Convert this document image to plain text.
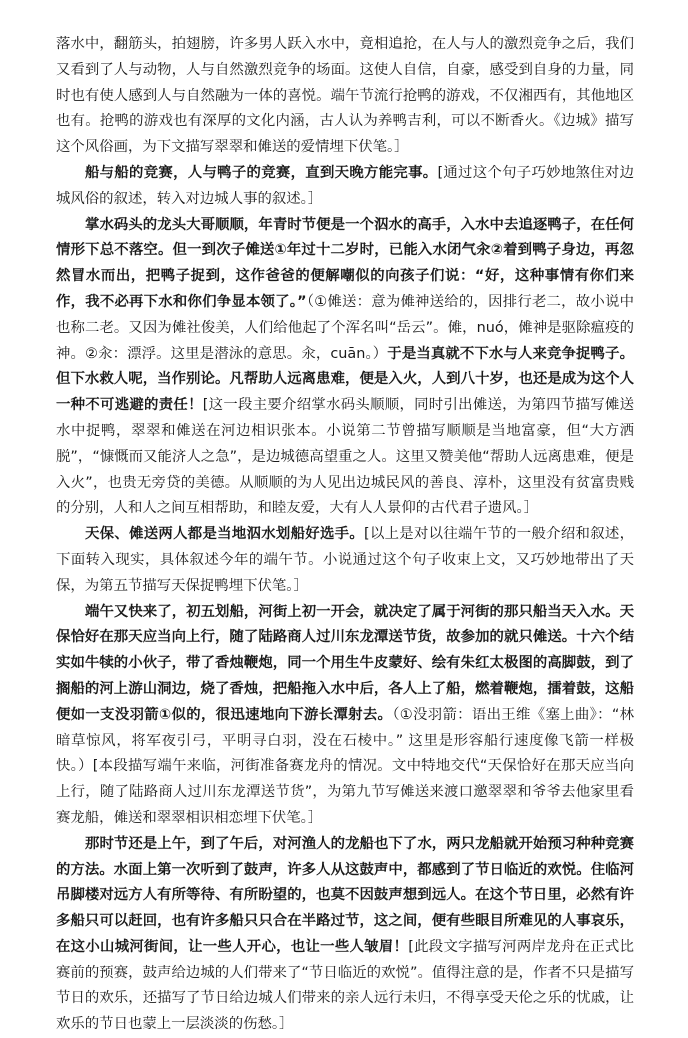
落水中，翻筋头，拍翅膀，许多男人跃入水中，竟相追抢，在人与人的激烈竞争之后，我们又看到了人与动物，人与自然激烈竞争的场面。这使人自信，自豪，感受到自身的力量，同时也有使人感到人与自然融为一体的喜悦。端午节流行抢鸭的游戏，不仅湘西有，其他地区也有。抢鸭的游戏也有深厚的文化内涵，古人认为养鸭吉利，可以不断香火。《边城》描写这个风俗画，为下文描写翠翠和傩送的爱情埋下伏笔。］

船与船的竞赛，人与鸭子的竞赛，直到天晚方能完事。[通过这个句子巧妙地煞住对边城风俗的叙述，转入对边城人事的叙述。］

掌水码头的龙头大哥顺顺，年青时节便是一个泅水的高手，入水中去追逐鸭子，在任何情形下总不落空。但一到次子傩送①年过十二岁时，已能入水闭气汆②着到鸭子身边，再忽然冒水而出，把鸭子捉到，这作爸爸的便解嘲似的向孩子们说：“好，这种事情有你们来作，我不必再下水和你们争显本领了。”（①傩送：意为傩神送给的，因排行老二，故小说中也称二老。又因为傩社俊美，人们给他起了个浑名叫“岳云”。傩，nuó，傩神是驱除瘟疫的神。②汆：漂浮。这里是潜泳的意思。汆，cuān。）于是当真就不下水与人来竞争捉鸭子。但下水救人呢，当作别论。凡帮助人远离患难，便是入火，人到八十岁，也还是成为这个人一种不可逃避的责任！[这一段主要介绍掌水码头顺顺，同时引出傩送，为第四节描写傩送水中捉鸭，翠翠和傩送在河边相识张本。小说第二节曾描写顺顺是当地富豪，但“大方洒脱”，“慷慨而又能济人之急”，是边城德高望重之人。这里又赞美他“帮助人远离患难，便是入火”，也贵无旁贷的美德。从顺顺的为人见出边城民风的善良、淳朴，这里没有贫富贵贱的分别，人和人之间互相帮助，和睦友爱，大有人人景仰的古代君子遗风。］

天保、傩送两人都是当地泅水划船好选手。[以上是对以往端午节的一般介绍和叙述，下面转入现实，具体叙述今年的端午节。小说通过这个句子收束上文，又巧妙地带出了天保，为第五节描写天保捉鸭埋下伏笔。］

端午又快来了，初五划船，河街上初一开会，就决定了属于河街的那只船当天入水。天保恰好在那天应当向上行，随了陆路商人过川东龙潭送节货，故参加的就只傩送。十六个结实如牛犊的小伙子，带了香烛鞭炮，同一个用生牛皮蒙好、绘有朱红太极图的高脚鼓，到了搁船的河上游山洞边，烧了香烛，把船拖入水中后，各人上了船，燃着鞭炮，擂着鼓，这船便如一支没羽箭①似的，很迅速地向下游长潭射去。（①没羽箭：语出王维《塞上曲》：“林暗草惊风，将军夜引弓，平明寻白羽，没在石棱中。” 这里是形容船行速度像飞箭一样极快。）[本段描写端午来临，河街准备赛龙舟的情况。文中特地交代“天保恰好在那天应当向上行，随了陆路商人过川东龙潭送节货”，为第九节写傩送来渡口邀翠翠和爷爷去他家里看赛龙船，傩送和翠翠相识相恋埋下伏笔。］

那时节还是上午，到了午后，对河渔人的龙船也下了水，两只龙船就开始预习种种竞赛的方法。水面上第一次听到了鼓声，许多人从这鼓声中，都感到了节日临近的欢悦。住临河吊脚楼对远方人有所等待、有所盼望的，也莫不因鼓声想到远人。在这个节日里，必然有许多船只可以赶回，也有许多船只只合在半路过节，这之间，便有些眼目所难见的人事哀乐，在这小山城河街间，让一些人开心，也让一些人皱眉！[此段文字描写河两岸龙舟在正式比赛前的预赛，鼓声给边城的人们带来了“节日临近的欢悦”。值得注意的是，作者不只是描写节日的欢乐，还描写了节日给边城人们带来的亲人远行未归，不得享受天伦之乐的忧戚，让欢乐的节日也蒙上一层淡淡的伤愁。］
